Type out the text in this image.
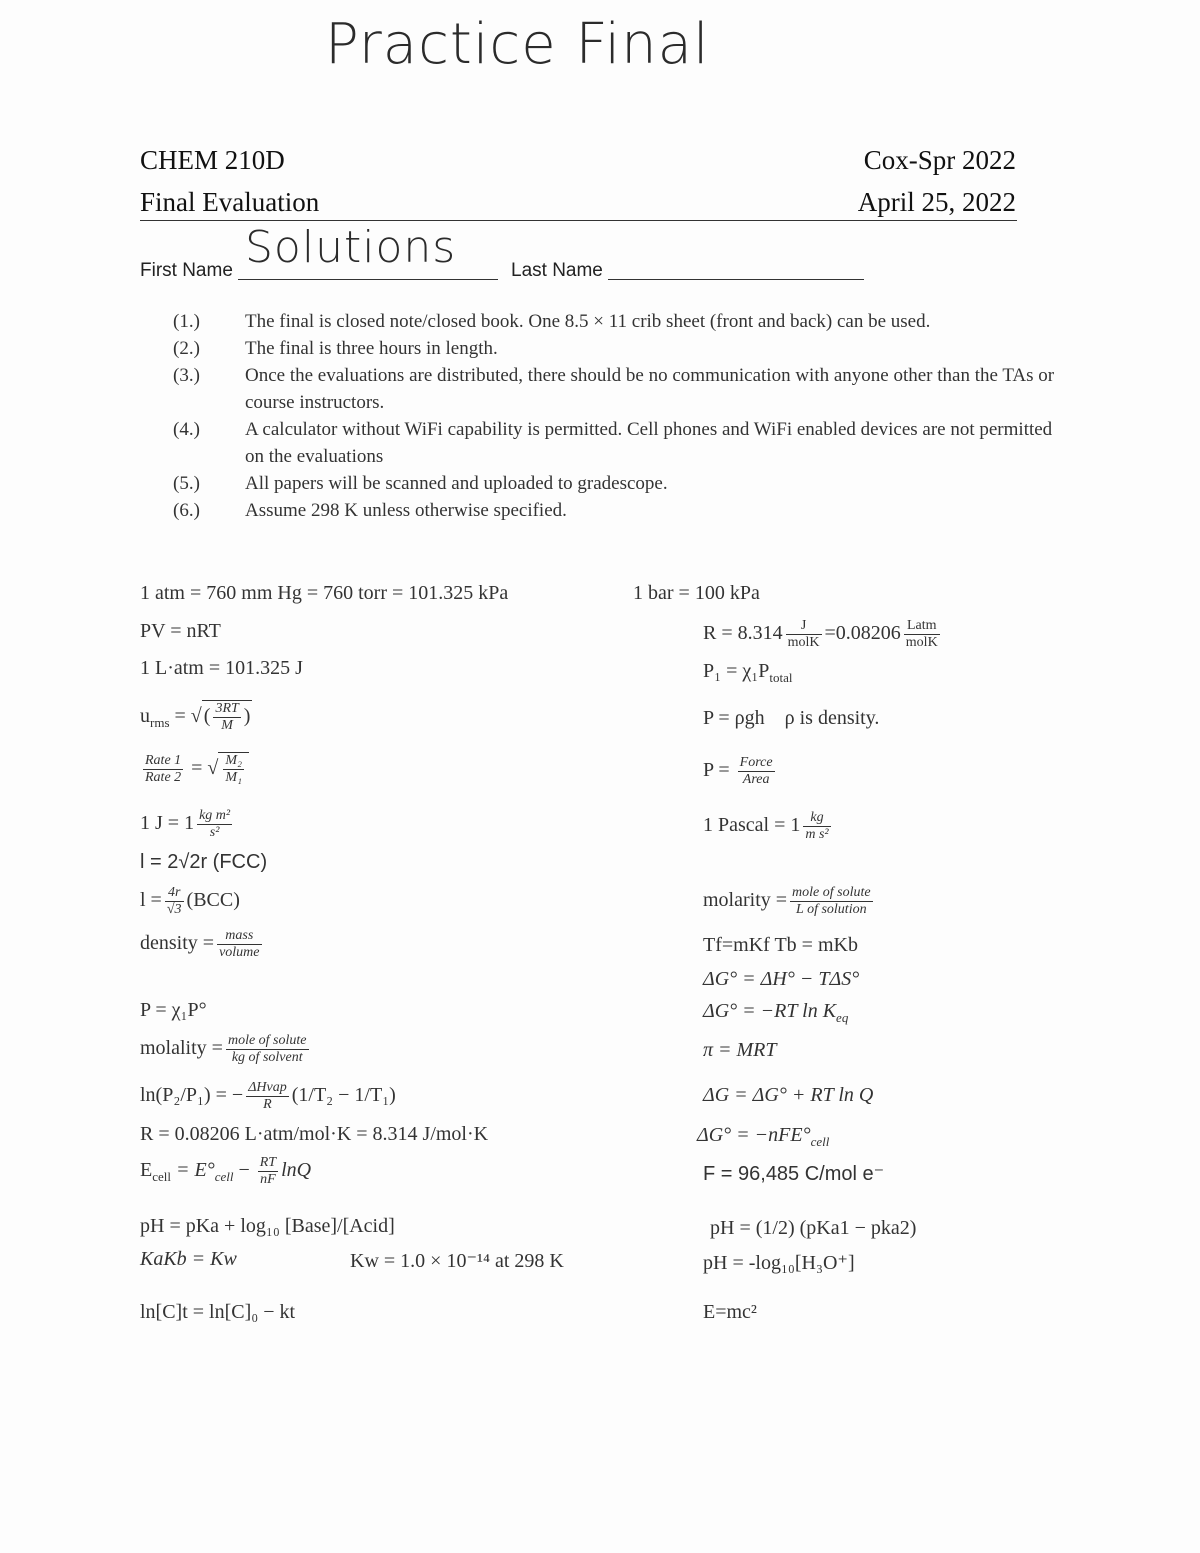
Practice Final
CHEM 210D	Cox-Spr 2022
Final Evaluation	April 25, 2022
First Name Solutions	Last Name
(1.)	The final is closed note/closed book. One 8.5 × 11 crib sheet (front and back) can be used.
(2.)	The final is three hours in length.
(3.)	Once the evaluations are distributed, there should be no communication with anyone other than the TAs or course instructors.
(4.)	A calculator without WiFi capability is permitted. Cell phones and WiFi enabled devices are not permitted on the evaluations
(5.)	All papers will be scanned and uploaded to gradescope.
(6.)	Assume 298 K unless otherwise specified.
1 atm = 760 mm Hg = 760 torr = 101.325 kPa	1 bar = 100 kPa
PV = nRT
1 L·atm = 101.325 J
$u_{rms}$ = √ ( $\frac{3RT}{M}$ )
$\frac{\text{Rate 1}}{\text{Rate 2}}$ = √ $\frac{\text{M₂}}{\text{M₁}}$
1 $J = 1 \frac{\text{kg m²}}{\text{s²}}$
l = 2√2r (FCC)
$l = \frac{4r}{√3} (BCC)$
density = $\frac{\text{mass}}{\text{volume}}$
P = χ₁P°
molality = $\frac{\text{mole of solute}}{\text{kg of solvent}}$
ln(P₂/P₁) = − $\frac{\text{ΔHvap}}{R} (1/T_2 - 1/T_1)$
R = 0.08206 L·atm/mol·K = 8.314 J/mol·K
$E_{cell} = E^\circ_{cell} - \frac{RT}{nF}$ lnQ
pH = pKa + log₁₀ [Base]/[Acid]
KaKb = Kw	Kw = 1.0 × 10⁻¹⁴ at 298 K
ln[C]t = ln[C]₀ − kt
$R = 8.314 \frac{J}{\text{molK}} =0.08206 \frac{\text{Latm}}{\text{molK}}$
$P_1 = \chi_1P_{total}$
P = ρgh ρ is density.
$P = \frac{\text{Force}}{\text{Area}}$
1 Pascal = $1 \frac{kg}{\text{m s²}}$
molarity = $\frac{\text{mole of solute}}{\text{L of solution}}$
Tf=mKf Tb = mKb
ΔG° = ΔH° − TΔS°
ΔG° = −RT $\ln K_{eq}$
π = MRT
ΔG = ΔG° + RT ln Q
$\Delta G^\circ = -nFE^\circ_{cell}$
F = 96,485 C/mol e⁻
pH = (1/2) (pKa1 − pka2)
pH = -log₁₀[H₃O⁺]
E=mc²
